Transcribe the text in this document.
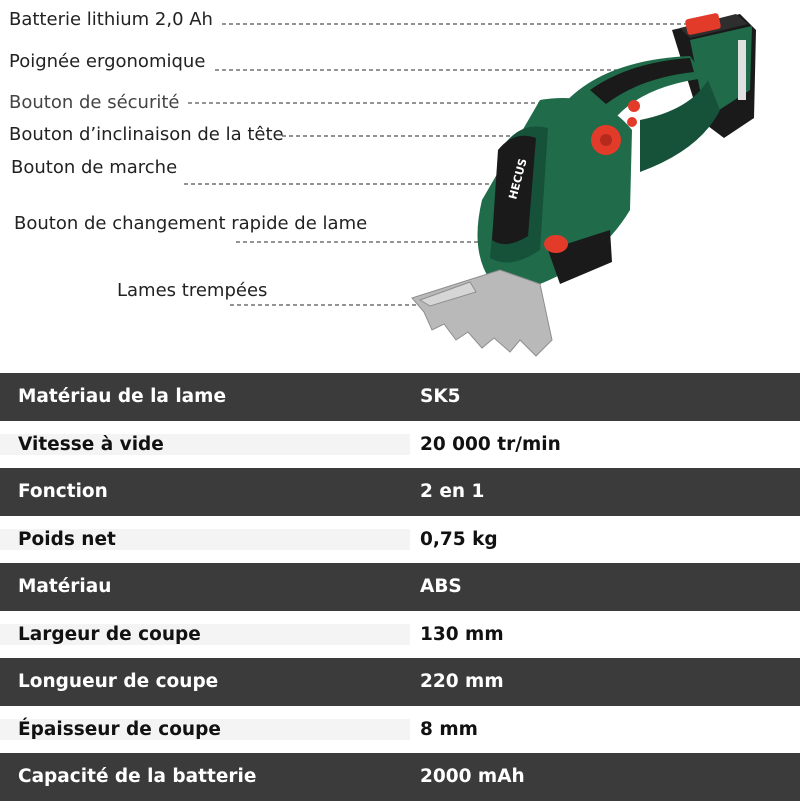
HECUS
Batterie lithium 2,0 Ah
Poignée ergonomique
Bouton de sécurité
Bouton d’inclinaison de la tête
Bouton de marche
Bouton de changement rapide de lame
Lames trempées
Matériau de la lame	SK5
Vitesse à vide	20 000 tr/min
Fonction	2 en 1
Poids net	0,75 kg
Matériau	ABS
Largeur de coupe	130 mm
Longueur de coupe	220 mm
Épaisseur de coupe	8 mm
Capacité de la batterie	2000 mAh
